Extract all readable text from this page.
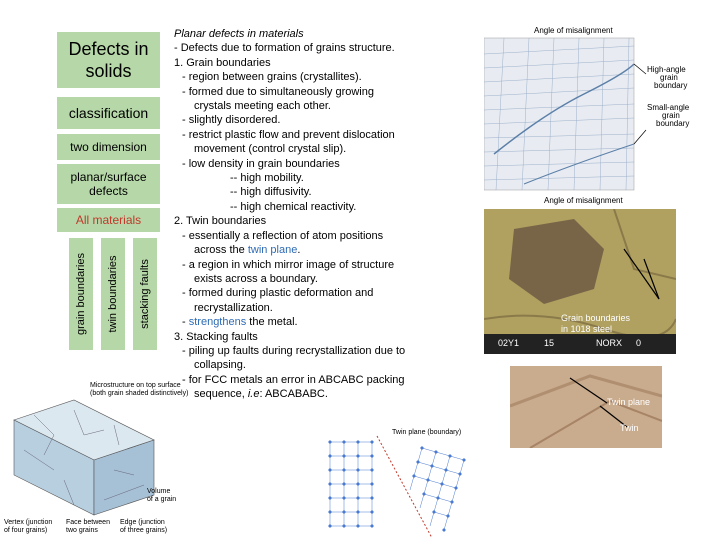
Defects in
solids
classification
two dimension
planar/surface
defects
All materials
grain boundaries twin boundaries stacking faults
Planar defects in materials
- Defects due to formation of grains structure.
1. Grain boundaries
- region between grains (crystallites).
- formed due to simultaneously growing
crystals meeting each other.
- slightly disordered.
- restrict plastic flow and prevent dislocation
movement (control crystal slip).
- low density in grain boundaries
-- high mobility.
-- high diffusivity.
-- high chemical reactivity.
2. Twin boundaries
- essentially a reflection of atom positions
across the twin plane.
- a region in which mirror image of structure
exists across a boundary.
- formed during plastic deformation and
recrystallization.
- strengthens the metal.
3. Stacking faults
- piling up faults during recrystallization due to
collapsing.
- for FCC metals an error in ABCABC packing
sequence, i.e: ABCABABC.
Angle of misalignment
Angle of misalignment
High-angle grain boundary
Small-angle grain boundary
Grain boundaries
in 1018 steel
02Y1	15	NORX 0
Twin plane
Twin
Microstructure on top surface
(both grain shaded distinctively)
Volume
of a grain
Vertex (junction
of four grains)
Face between
two grains
Edge (junction
of three grains)
Twin plane (boundary)
